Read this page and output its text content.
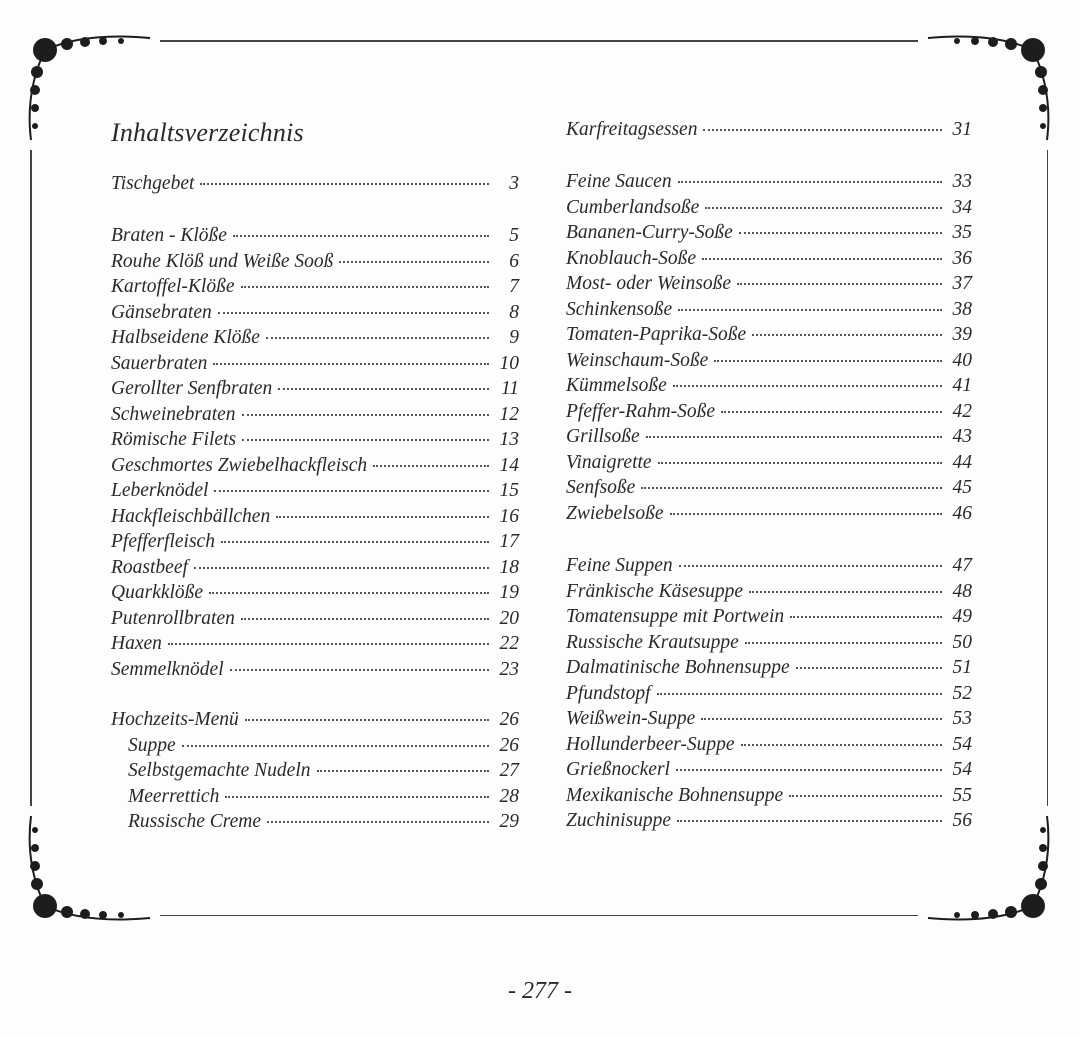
Inhaltsverzeichnis
Tischgebet	3
Braten - Klöße	5
Rouhe Klöß und Weiße Sooß	6
Kartoffel-Klöße	7
Gänsebraten	8
Halbseidene Klöße	9
Sauerbraten	10
Gerollter Senfbraten	11
Schweinebraten	12
Römische Filets	13
Geschmortes Zwiebelhackfleisch	14
Leberknödel	15
Hackfleischbällchen	16
Pfefferfleisch	17
Roastbeef	18
Quarkklöße	19
Putenrollbraten	20
Haxen	22
Semmelknödel	23
Hochzeits-Menü	26
Suppe	26
Selbstgemachte Nudeln	27
Meerrettich	28
Russische Creme	29
Karfreitagsessen	31
Feine Saucen	33
Cumberlandsoße	34
Bananen-Curry-Soße	35
Knoblauch-Soße	36
Most- oder Weinsoße	37
Schinkensoße	38
Tomaten-Paprika-Soße	39
Weinschaum-Soße	40
Kümmelsoße	41
Pfeffer-Rahm-Soße	42
Grillsoße	43
Vinaigrette	44
Senfsoße	45
Zwiebelsoße	46
Feine Suppen	47
Fränkische Käsesuppe	48
Tomatensuppe mit Portwein	49
Russische Krautsuppe	50
Dalmatinische Bohnensuppe	51
Pfundstopf	52
Weißwein-Suppe	53
Hollunderbeer-Suppe	54
Grießnockerl	54
Mexikanische Bohnensuppe	55
Zuchinisuppe	56
- 277 -
